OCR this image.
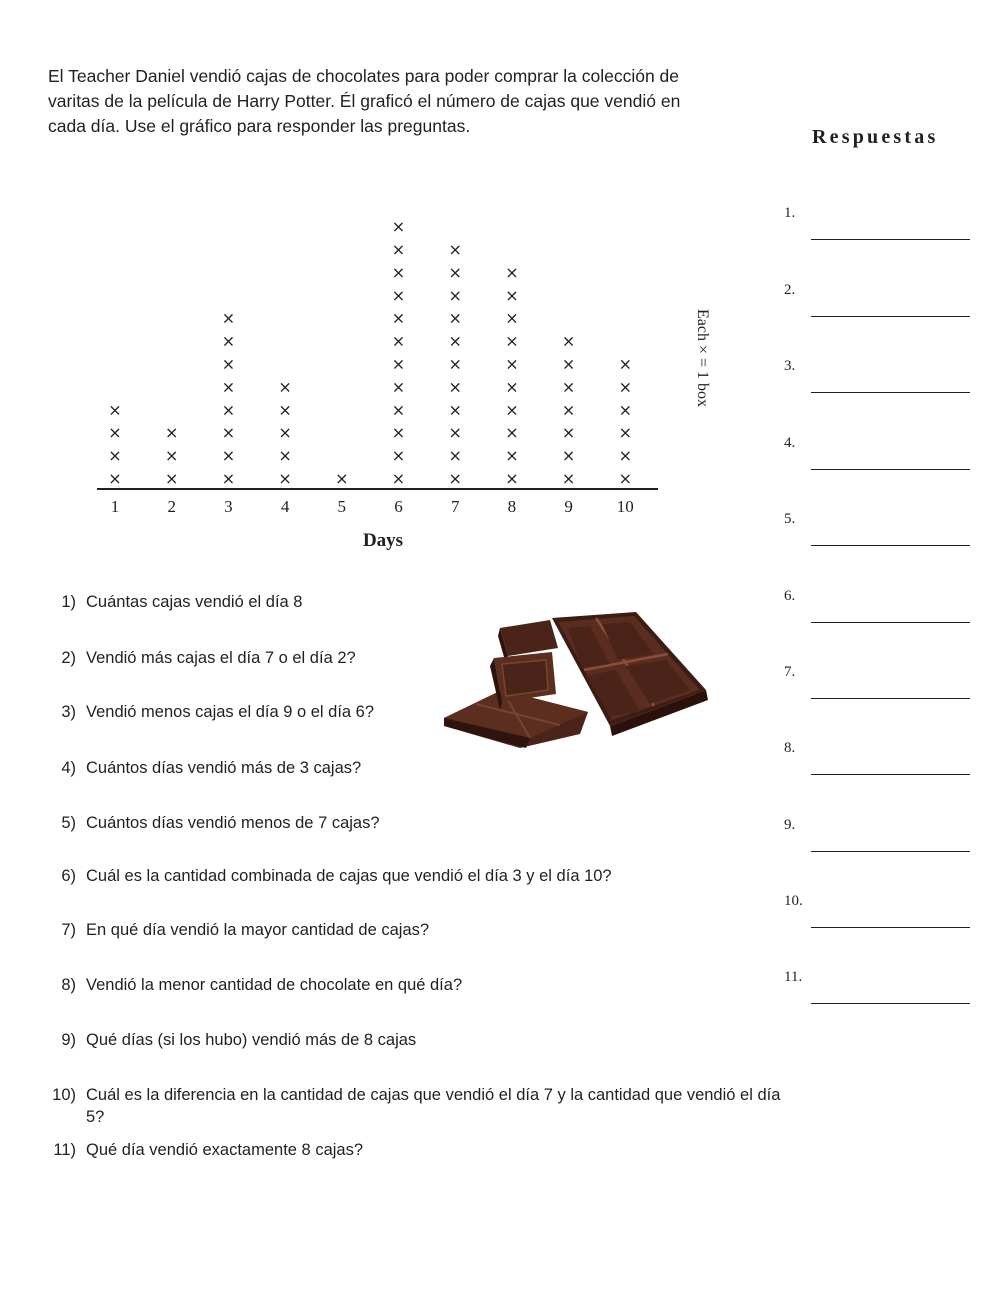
El Teacher Daniel vendió cajas de chocolates para poder comprar la colección de
varitas de la película de Harry Potter. Él graficó el número de cajas que vendió en
cada día. Use el gráfico para responder las preguntas.	Respuestas
1.
2.
3.
4.
5.
6.
7.
8.
9.
10.
11.
1
×
×
×
×
2
×
×
×
3
×
×
×
×
×
×
×
×
4
×
×
×
×
×
5
×
6
×
×
×
×
×
×
×
×
×
×
×
×
7
×
×
×
×
×
×
×
×
×
×
×
8
×
×
×
×
×
×
×
×
×
×
9
×
×
×
×
×
×
×
10
×
×
×
×
×
×
Days
Each × = 1 box
1) Cuántas cajas vendió el día 8
2) Vendió más cajas el día 7 o el día 2?
3) Vendió menos cajas el día 9 o el día 6?
4) Cuántos días vendió más de 3 cajas?
5) Cuántos días vendió menos de 7 cajas?
6) Cuál es la cantidad combinada de cajas que vendió el día 3 y el día 10?
7) En qué día vendió la mayor cantidad de cajas?
8) Vendió la menor cantidad de chocolate en qué día?
9) Qué días (si los hubo) vendió más de 8 cajas
10) Cuál es la diferencia en la cantidad de cajas que vendió el día 7 y la cantidad que vendió el día 5?
11) Qué día vendió exactamente 8 cajas?
